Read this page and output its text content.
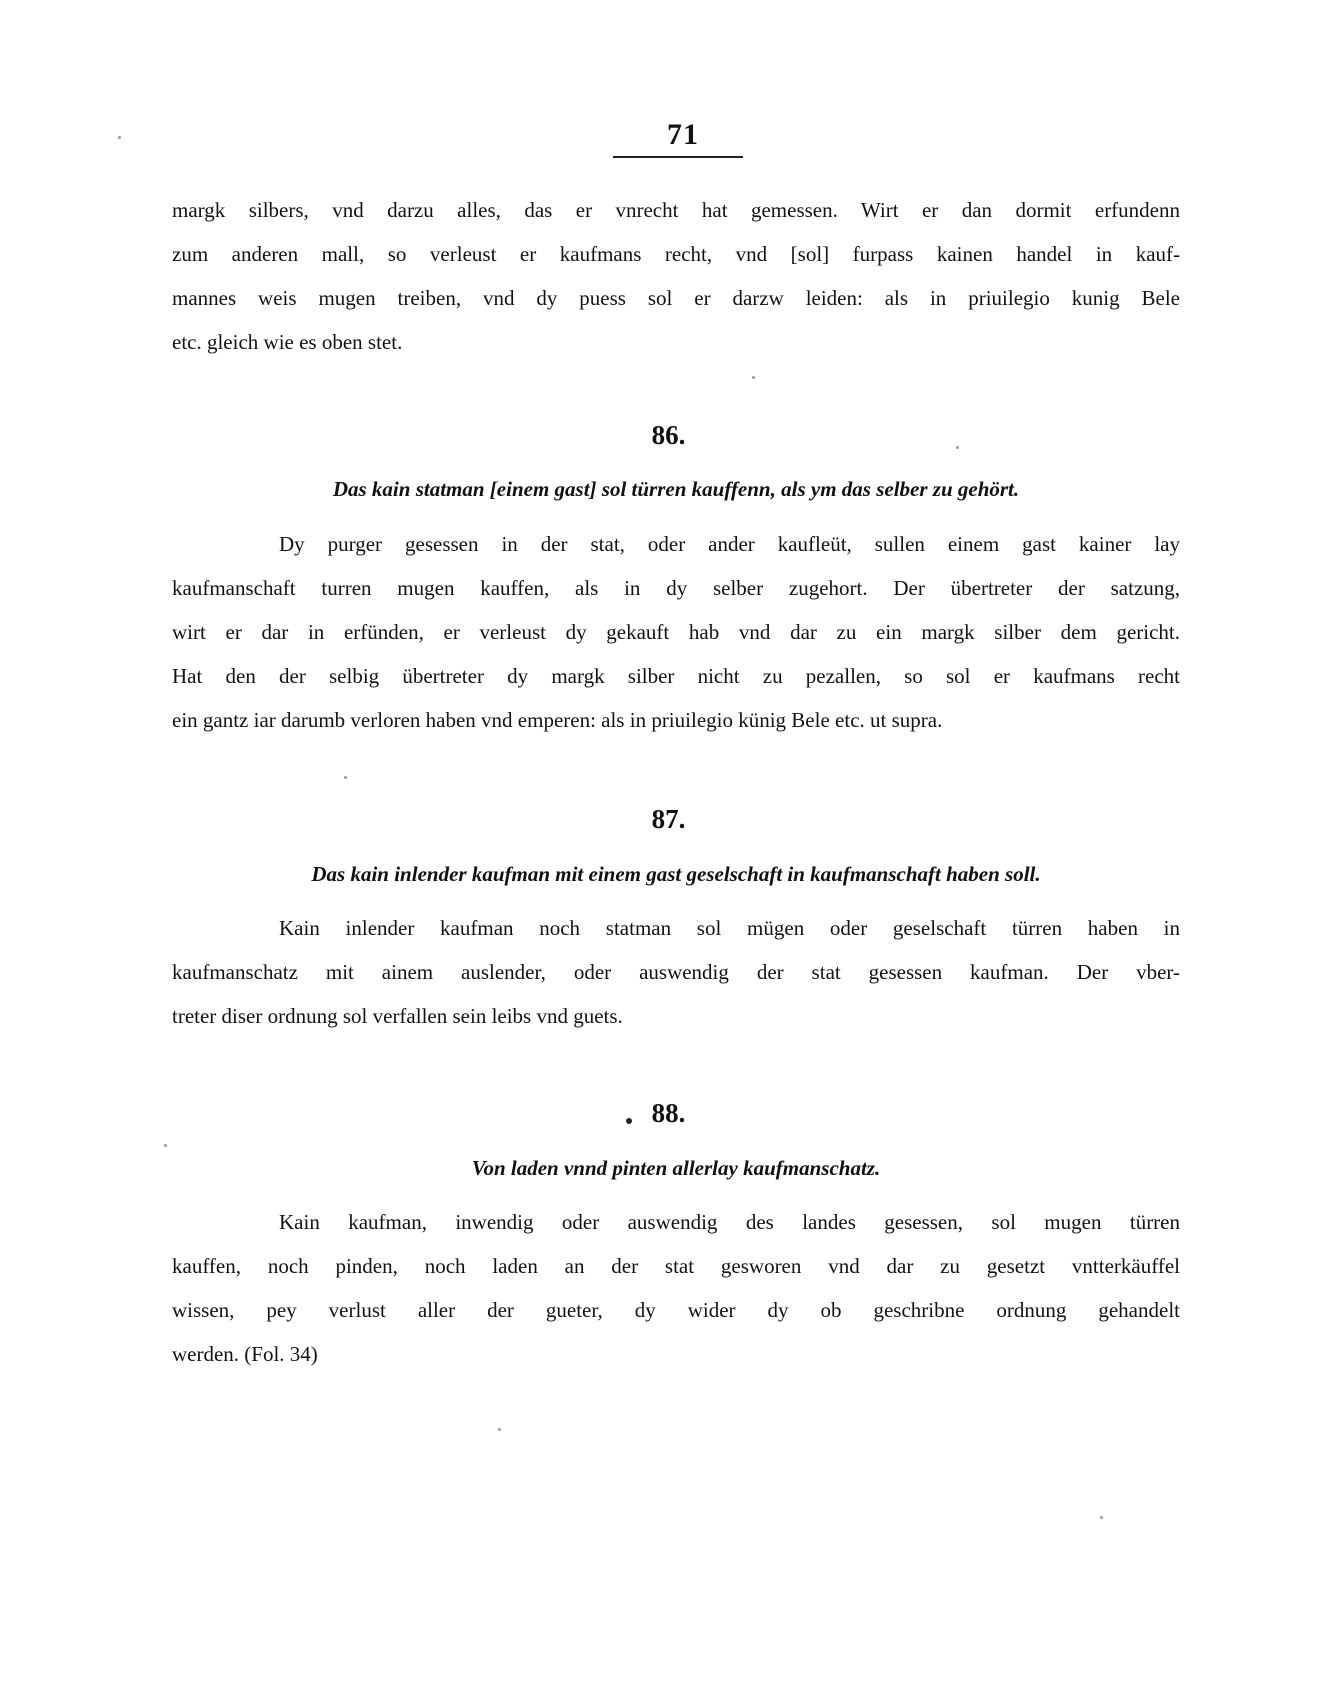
71
margk silbers, vnd darzu alles, das er vnrecht hat gemessen. Wirt er dan dormit erfundenn
zum anderen mall, so verleust er kaufmans recht, vnd [sol] furpass kainen handel in kauf-
mannes weis mugen treiben, vnd dy puess sol er darzw leiden: als in priuilegio kunig Bele
etc. gleich wie es oben stet.
86.
Das kain statman [einem gast] sol türren kauffenn, als ym das selber zu gehört.
Dy purger gesessen in der stat, oder ander kaufleüt, sullen einem gast kainer lay
kaufmanschaft turren mugen kauffen, als in dy selber zugehort. Der übertreter der satzung,
wirt er dar in erfünden, er verleust dy gekauft hab vnd dar zu ein margk silber dem gericht.
Hat den der selbig übertreter dy margk silber nicht zu pezallen, so sol er kaufmans recht
ein gantz iar darumb verloren haben vnd emperen: als in priuilegio künig Bele etc. ut supra.
87.
Das kain inlender kaufman mit einem gast geselschaft in kaufmanschaft haben soll.
Kain inlender kaufman noch statman sol mügen oder geselschaft türren haben in
kaufmanschatz mit ainem auslender, oder auswendig der stat gesessen kaufman. Der vber-
treter diser ordnung sol verfallen sein leibs vnd guets.
88.
Von laden vnnd pinten allerlay kaufmanschatz.
Kain kaufman, inwendig oder auswendig des landes gesessen, sol mugen türren
kauffen, noch pinden, noch laden an der stat gesworen vnd dar zu gesetzt vntterkäuffel
wissen, pey verlust aller der gueter, dy wider dy ob geschribne ordnung gehandelt
werden. (Fol. 34)
